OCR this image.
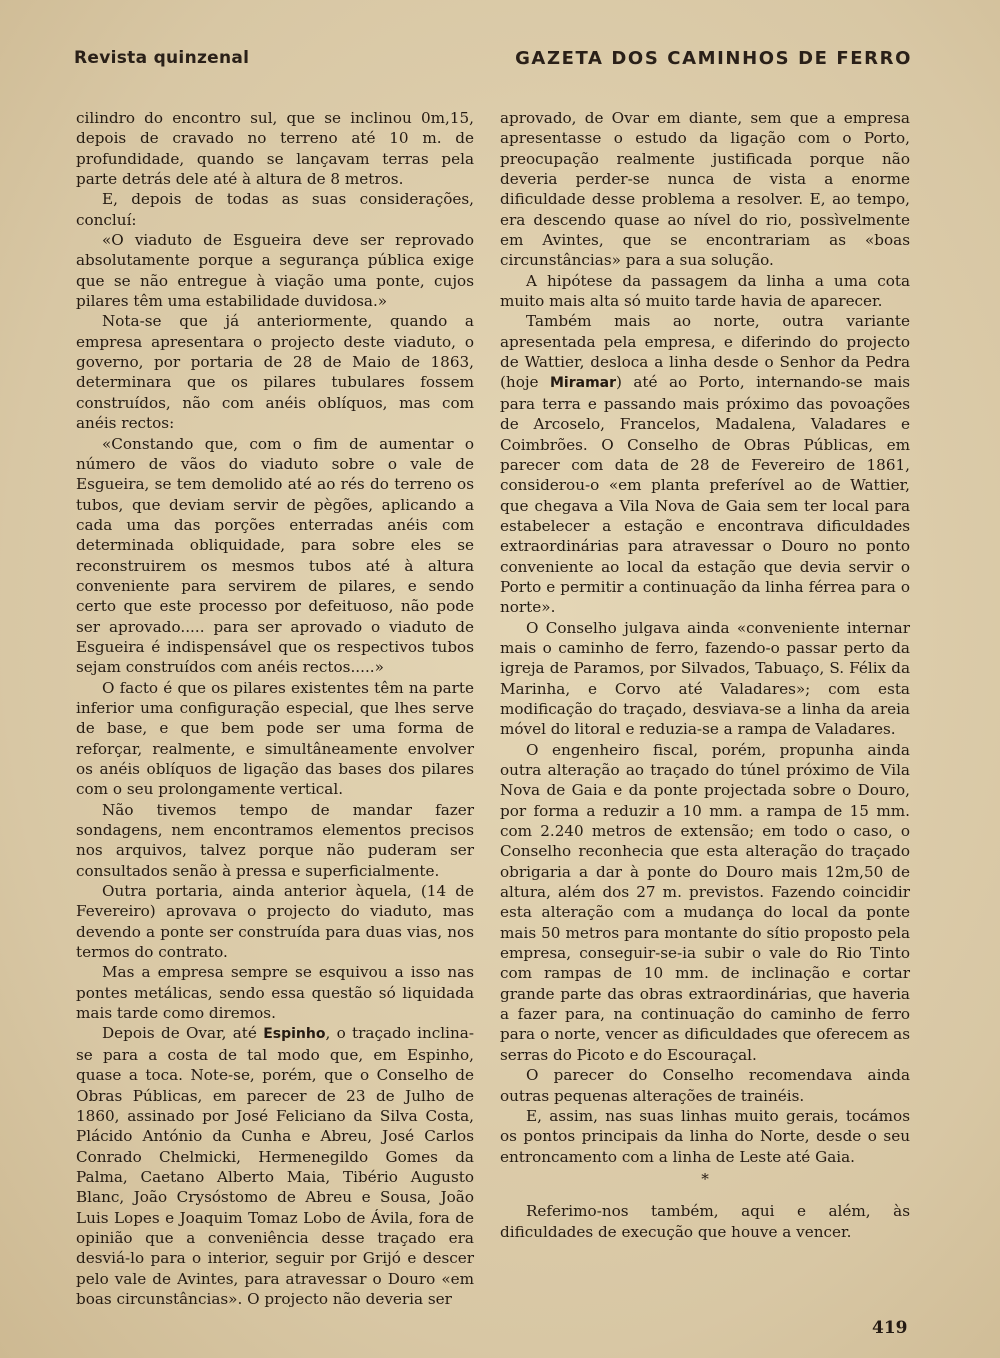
Revista quinzenal	GAZETA DOS CAMINHOS DE FERRO

cilindro do encontro sul, que se inclinou 0m,15, depois de cravado no terreno até 10 m. de profundidade, quando se lançavam terras pela parte detrás dele até à altura de 8 metros.

E, depois de todas as suas considerações, concluí:

«O viaduto de Esgueira deve ser reprovado absolutamente porque a segurança pública exige que se não entregue à viação uma ponte, cujos pilares têm uma estabilidade duvidosa.»

Nota-se que já anteriormente, quando a empresa apresentara o projecto deste viaduto, o governo, por portaria de 28 de Maio de 1863, determinara que os pilares tubulares fossem construídos, não com anéis oblíquos, mas com anéis rectos:

«Constando que, com o fim de aumentar o número de vãos do viaduto sobre o vale de Esgueira, se tem demolido até ao rés do terreno os tubos, que deviam servir de pègões, aplicando a cada uma das porções enterradas anéis com determinada obliquidade, para sobre eles se reconstruirem os mesmos tubos até à altura conveniente para servirem de pilares, e sendo certo que este processo por defeituoso, não pode ser aprovado..... para ser aprovado o viaduto de Esgueira é indispensável que os respectivos tubos sejam construídos com anéis rectos.....»

O facto é que os pilares existentes têm na parte inferior uma configuração especial, que lhes serve de base, e que bem pode ser uma forma de reforçar, realmente, e simultâneamente envolver os anéis oblíquos de ligação das bases dos pilares com o seu prolongamente vertical.

Não tivemos tempo de mandar fazer sondagens, nem encontramos elementos precisos nos arquivos, talvez porque não puderam ser consultados senão à pressa e superficialmente.

Outra portaria, ainda anterior àquela, (14 de Fevereiro) aprovava o projecto do viaduto, mas devendo a ponte ser construída para duas vias, nos termos do contrato.

Mas a empresa sempre se esquivou a isso nas pontes metálicas, sendo essa questão só liquidada mais tarde como diremos.

Depois de Ovar, até Espinho, o traçado inclina-se para a costa de tal modo que, em Espinho, quase a toca. Note-se, porém, que o Conselho de Obras Públicas, em parecer de 23 de Julho de 1860, assinado por José Feliciano da Silva Costa, Plácido António da Cunha e Abreu, José Carlos Conrado Chelmicki, Hermenegildo Gomes da Palma, Caetano Alberto Maia, Tibério Augusto Blanc, João Crysóstomo de Abreu e Sousa, João Luis Lopes e Joaquim Tomaz Lobo de Ávila, fora de opinião que a conveniência desse traçado era desviá-lo para o interior, seguir por Grijó e descer pelo vale de Avintes, para atravessar o Douro «em boas circunstâncias». O projecto não deveria ser

aprovado, de Ovar em diante, sem que a empresa apresentasse o estudo da ligação com o Porto, preocupação realmente justificada porque não deveria perder-se nunca de vista a enorme dificuldade desse problema a resolver. E, ao tempo, era descendo quase ao nível do rio, possìvelmente em Avintes, que se encontrariam as «boas circunstâncias» para a sua solução.

A hipótese da passagem da linha a uma cota muito mais alta só muito tarde havia de aparecer.

Também mais ao norte, outra variante apresentada pela empresa, e diferindo do projecto de Wattier, desloca a linha desde o Senhor da Pedra (hoje Miramar) até ao Porto, internando-se mais para terra e passando mais próximo das povoações de Arcoselo, Francelos, Madalena, Valadares e Coimbrões. O Conselho de Obras Públicas, em parecer com data de 28 de Fevereiro de 1861, considerou-o «em planta preferível ao de Wattier, que chegava a Vila Nova de Gaia sem ter local para estabelecer a estação e encontrava dificuldades extraordinárias para atravessar o Douro no ponto conveniente ao local da estação que devia servir o Porto e permitir a continuação da linha férrea para o norte».

O Conselho julgava ainda «conveniente internar mais o caminho de ferro, fazendo-o passar perto da igreja de Paramos, por Silvados, Tabuaço, S. Félix da Marinha, e Corvo até Valadares»; com esta modificação do traçado, desviava-se a linha da areia móvel do litoral e reduzia-se a rampa de Valadares.

O engenheiro fiscal, porém, propunha ainda outra alteração ao traçado do túnel próximo de Vila Nova de Gaia e da ponte projectada sobre o Douro, por forma a reduzir a 10 mm. a rampa de 15 mm. com 2.240 metros de extensão; em todo o caso, o Conselho reconhecia que esta alteração do traçado obrigaria a dar à ponte do Douro mais 12m,50 de altura, além dos 27 m. previstos. Fazendo coincidir esta alteração com a mudança do local da ponte mais 50 metros para montante do sítio proposto pela empresa, conseguir-se-ia subir o vale do Rio Tinto com rampas de 10 mm. de inclinação e cortar grande parte das obras extraordinárias, que haveria a fazer para, na continuação do caminho de ferro para o norte, vencer as dificuldades que oferecem as serras do Picoto e do Escouraçal.

O parecer do Conselho recomendava ainda outras pequenas alterações de trainéis.

E, assim, nas suas linhas muito gerais, tocámos os pontos principais da linha do Norte, desde o seu entroncamento com a linha de Leste até Gaia.

*

Referimo-nos também, aqui e além, às dificuldades de execução que houve a vencer.

419
